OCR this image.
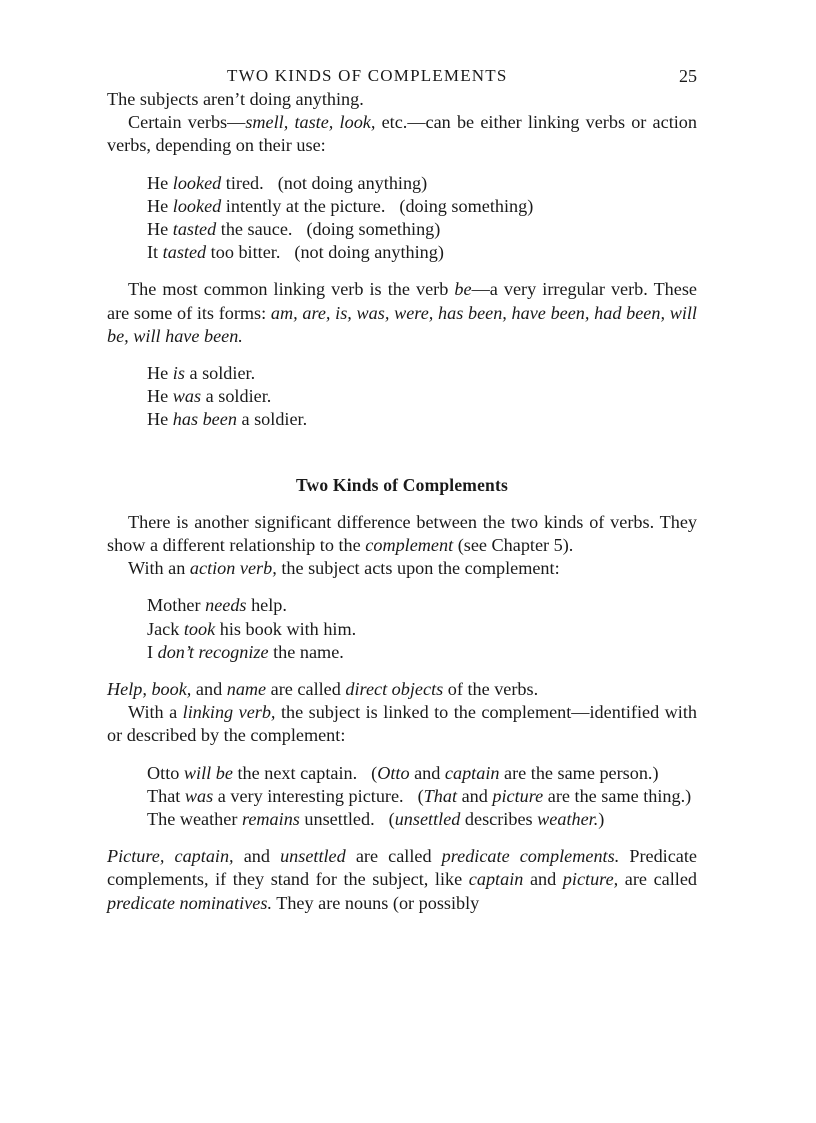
TWO KINDS OF COMPLEMENTS	25

The subjects aren’t doing anything.

Certain verbs—smell, taste, look, etc.—can be either linking verbs or action verbs, depending on their use:

He looked tired. (not doing anything)
He looked intently at the picture. (doing something)
He tasted the sauce. (doing something)
It tasted too bitter. (not doing anything)

The most common linking verb is the verb be—a very irregular verb. These are some of its forms: am, are, is, was, were, has been, have been, had been, will be, will have been.

He is a soldier.
He was a soldier.
He has been a soldier.
Two Kinds of Complements

There is another significant difference between the two kinds of verbs. They show a different relationship to the complement (see Chapter 5).

With an action verb, the subject acts upon the complement:

Mother needs help.
Jack took his book with him.
I don’t recognize the name.

Help, book, and name are called direct objects of the verbs.

With a linking verb, the subject is linked to the complement—identified with or described by the complement:

Otto will be the next captain. (Otto and captain are the same person.)
That was a very interesting picture. (That and picture are the same thing.)
The weather remains unsettled. (unsettled describes weather.)

Picture, captain, and unsettled are called predicate complements. Predicate complements, if they stand for the subject, like captain and picture, are called predicate nominatives. They are nouns (or possibly
